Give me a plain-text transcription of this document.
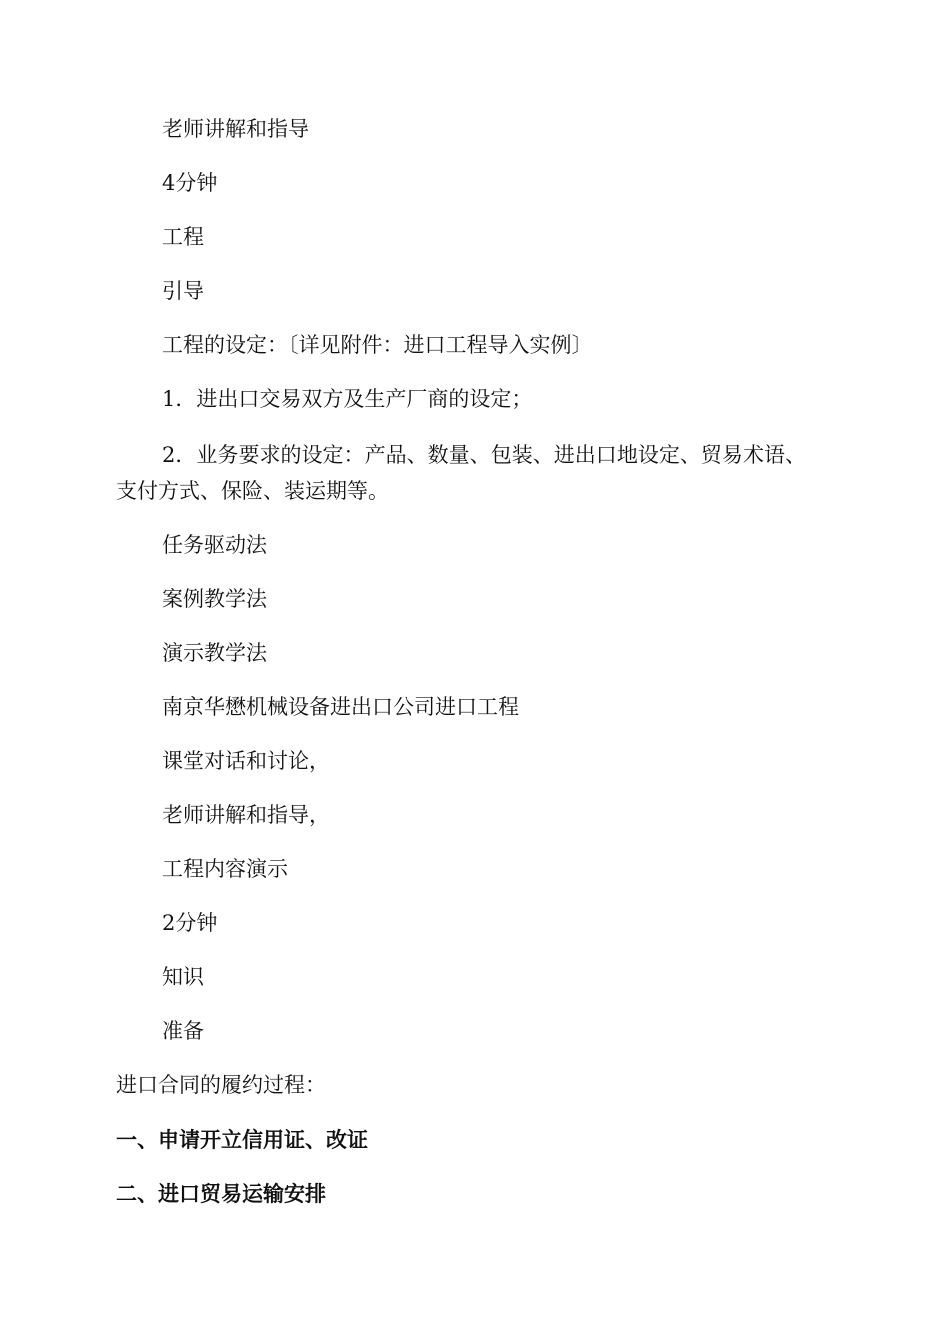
老师讲解和指导
4分钟
工程
引导
工程的设定：〔详见附件：进口工程导入实例〕
1．进出口交易双方及生产厂商的设定；
2．业务要求的设定：产品、数量、包装、进出口地设定、贸易术语、支付方式、保险、装运期等。
任务驱动法
案例教学法
演示教学法
南京华懋机械设备进出口公司进口工程
课堂对话和讨论，
老师讲解和指导，
工程内容演示
2分钟
知识
准备
进口合同的履约过程：
一、申请开立信用证、改证
二、进口贸易运输安排
